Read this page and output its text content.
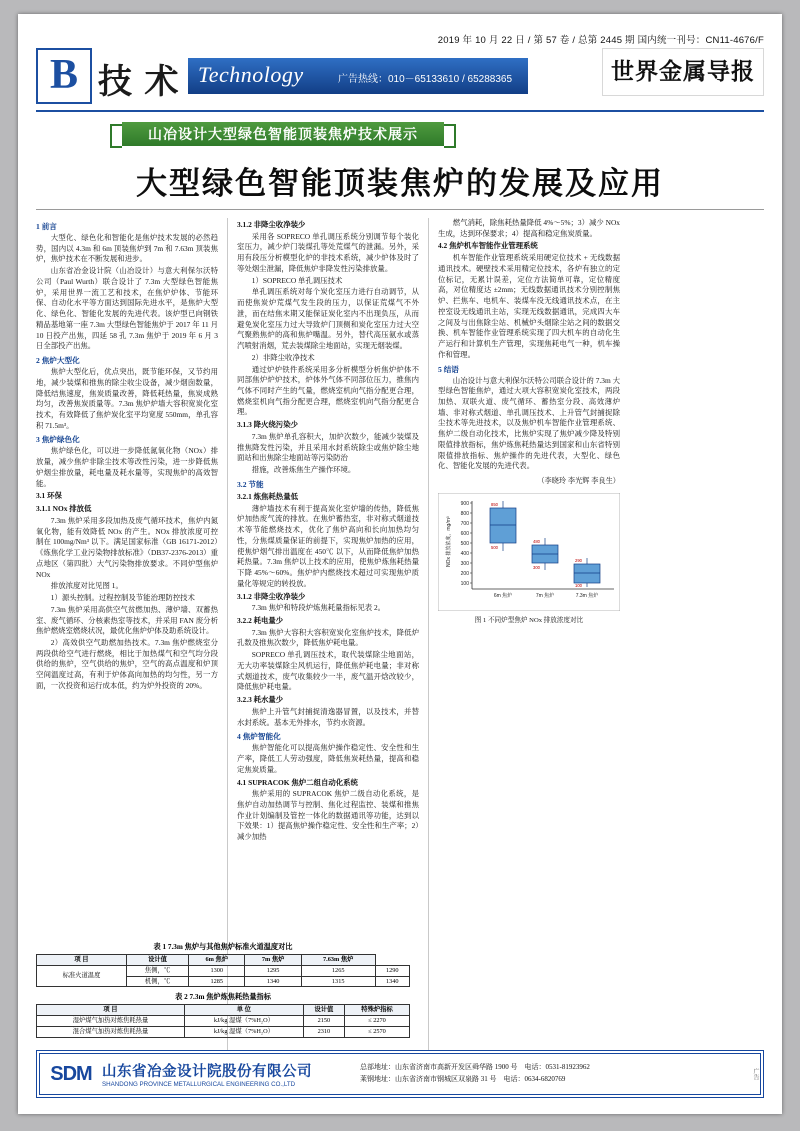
2019 年 10 月 22 日 / 第 57 卷 / 总第 2445 期 国内统一刊号：CN11-4676/F
B 技 术 Technology	广告热线：010－65133610 / 65288365	世界金属导报
山冶设计大型绿色智能顶装焦炉技术展示
大型绿色智能顶装焦炉的发展及应用
1 前言

大型化、绿色化和智能化是焦炉技术发展的必然趋势，国内以 4.3m 和 6m 顶装焦炉到 7m 和 7.63m 顶装焦炉，焦炉技术在不断发展和进步。

山东省冶金设计院（山冶设计）与意大利保尔沃特公司（Paul Wurth）联合设计了 7.3m 大型绿色智能焦炉，采用世界一流工艺和技术，在焦炉炉体、节能环保、自动化水平等方面达到国际先进水平，是焦炉大型化、绿色化、智能化发展的先进代表。该炉型已向钢铁精品基地第一座 7.3m 大型绿色智能焦炉于 2017 年 11 月 10 日投产出焦，四延 58 孔 7.3m 焦炉于 2019 年 6 月 3 日全部投产出焦。

2 焦炉大型化

焦炉大型化后，优点突出，既节能环保，又节约用地，减少装煤和推焦的除尘收尘设备，减少烟囱数量，降低结焦速度，焦炭质量改善，降低耗热量，焦炭成熟均匀，改善焦炭质量等。7.3m 焦炉炉墙大容积宽炭化室技术，有效降低了焦炉炭化室平均宽度 550mm，单孔容积 71.5m³。

3 焦炉绿色化

焦炉绿色化，可以进一步降低氮氧化物（NOx）排放量，减少焦炉非除尘技术等改性污染，进一步降低焦炉烟尘排放量，耗电量及耗水量等，实现焦炉的高效智能。

3.1 环保
3.1.1 NOx 排放低

7.3m 焦炉采用多段加热及废气循环技术，焦炉内氮氧化物，能有效降低 NOx 的产生。NOx 排放浓度可控制在 100mg/Nm³ 以下。满足国家标准（GB 16171-2012）《炼焦化学工业污染物排放标准》（DB37-2376-2013）重点地区（第四批）大气污染物排放要求。不同炉型焦炉 NOx

排放浓度对比见图 1。

1）源头控制。过程控制及节能治理防控技术

7.3m 焦炉采用高供空气贫燃加热、薄炉墙、双蓄热室、废气循环、分核素热室等技术，并采用 FAN 废分析焦炉燃烧室燃烧状况，最优化焦炉炉体及助系统设计。

2）高效供空气助燃加热技术。7.3m 焦炉燃烧室分两段供给空气进行燃烧，相比于加热煤气和空气均分段供给的焦炉，空气供给的焦炉，空气的高点温度和炉顶空间温度过高，有利于炉体高向加热的均匀性，另一方面，一次投资和运行成本低，约为炉外投资的 20%。

3.1.2 非降尘收净装少

采用各 SOPRECO 单孔调压系统分别调节每个装化室压力，减少炉门装煤孔等处荒煤气的泄漏。另外，采用有段压分析模型化炉的非技术系统，减少炉体及时了等处烟尘泄漏，降低焦炉非降发性污染排放量。

1）SOPRECO 单孔调压技术

单孔调压系统对每个炭化室压力进行自动调节，从而使焦炭炉荒煤气发生段的压力，以保证荒煤气不外泄，而在结焦末期又能保证炭化室内不出现负压，从而避免炭化室压力过大导致炉门顶侧和炭化室压力过大空气聚熟焦炉的高和焦炉嘴温。另外，替代高压氨水或蒸汽喷射消烟，荒去装煤除尘地面站，实现无烟装煤。

2）非降尘收净技术

通过炉炉铁件系统采用多分析模型分析焦炉炉体不同部焦炉炉炉技术，炉体外气体不同部位压力，推焦内气体不同时产生的气量，燃烧室机向气指分配更合理，燃烧室机向气指分配更合理，燃烧室机向气指分配更合理。

3.1.3 降火绕污染少

7.3m 焦炉单孔容积大，加炉次数少，能减少装煤及推焦降发性污染，并且采用水封系统除尘或焦炉除尘地面站和出焦除尘地面站等污染防治

措施，改善炼焦生产操作环境。

3.2 节能
3.2.1 炼焦耗热量低

薄炉墙技术有利于提高炭化室炉墙的传热，降低焦炉加热废气流的排放。在焦炉蓄热室，非对称式烟道技术等节能燃烧技术，优化了焦炉高向和长向加热均匀性，分焦煤质量保证的前提下，实现焦炉加热的应用，使焦炉烟气排出温度在 450℃ 以下，从而降低焦炉加热耗热量。7.3m 焦炉以上技术的应用，使焦炉炼焦耗热量下降 45%～60%。焦炉炉内燃烧技术超过可实现焦炉质量化等规定的转投放。

3.1.2 非降尘收净装少

7.3m 焦炉和特段炉炼焦耗量指标见表 2。

3.2.2 耗电量少

7.3m 焦炉大容积大容积宽炭化室焦炉技术，降低炉孔数及推焦次数少，降低焦炉耗电量。

SOPRECO 单孔调压技术，取代装煤除尘地面站，无大功率装煤除尘风机运行，降低焦炉耗电量；非对称式烟道技术，废气收集较少一半，废气温开焓改较少，降低焦炉耗电量。

3.2.3 耗水量少

焦炉上升管气封捕捉清逸器冒置，以及技术，并替水封系统。基本无外排水，节约水资源。

4 焦炉智能化

焦炉智能化可以提高焦炉操作稳定性、安全性和生产率，降低工人劳动强度，降低焦炭耗热量，提高和稳定焦炭质量。

4.1 SUPRACOK 焦炉二组自动化系统

焦炉采用的 SUPRACOK 焦炉二级自动化系统，是焦炉自动加热调节与控制、焦化过程监控、装煤和推焦作业计划编制及管控一体化的数据通讯等功能，达到以下效果：1）提高焦炉操作稳定性、安全性和生产率；2）减少加热

燃气消耗，除焦耗热量降低 4%～5%；3）减少 NOx 生成，达到环保要求；4）提高和稳定焦炭质量。

4.2 焦炉机车智能作业管理系统

机车智能作业管理系统采用硬定位技术 + 无线数据通讯技术。硬壁技术采用精定位技术，各炉有独立的定位标记，无累计误差，定位方法简单可靠，定位精度高，对位精度达 ±2mm；无线数据通讯技术分别控制焦炉、拦焦车、电机车、装煤车没无线通讯技术点，在主控室设无线通讯主站，实现无线数据通讯，完成四大车之间及与出焦除尘站、机械炉头烟除尘站之间的数据交换、机车智能作业管理系统实现了四大机车的自动化生产运行和计算机生产管理，实现焦耗电气一种，机车操作和管理。

5 结语

山冶设计与意大利保尔沃特公司联合设计的 7.3m 大型绿色智能焦炉，通过大项大容积宽炭化室技术，两段加热、双联火道、废气循环、蓄热室分段、高效薄炉墙、非对称式烟道、单孔调压技术、上升管气封捕捉除尘技术等先进技术，以及焦炉机车智能作业管理系统、焦炉二级自动化技术，比焦炉实现了焦炉减少降及特别限值排放指标，焦炉炼焦耗热量达到国家和山东省特别限值排放指标、焦炉操作的先进代表，大型化、绿色化、智能化发展的先进代表。

（李晓玲 李光辉 李良生）
900
800
700
600
500
400
300
200
100
NOx 排放浓度，mg/m³
850
500
480
300
290
100
6m 焦炉	7m 焦炉	7.3m 焦炉
图 1 不同炉型焦炉 NOx 排放浓度对比
表 1 7.3m 焦炉与其他焦炉标准火道温度对比
项 目	设计值	6m 焦炉	7m 焦炉	7.63m 焦炉	
标准火道温度	焦侧，℃	1300	1295	1265	1290
	机侧，℃	1285	1340	1315	1340
表 2 7.3m 焦炉炼焦耗热量指标
项 目	单 位	设计值	特殊炉指标
湿炉煤气加热对炼焦耗热量	kJ/kg 湿煤（7%H₂O）	2150	≤ 2270
混合煤气加热对炼焦耗热量	kJ/kg 湿煤（7%H₂O）	2310	≤ 2570
SDM 山东省冶金设计院股份有限公司
SHANDONG PROVINCE METALLURGICAL ENGINEERING CO.,LTD
总部地址：山东省济南市高新开发区舜华路 1900 号 电话：0531-81923962
莱钢地址：山东省济南市钢城区双泉路 31 号 电话：0634-6820769	广告
